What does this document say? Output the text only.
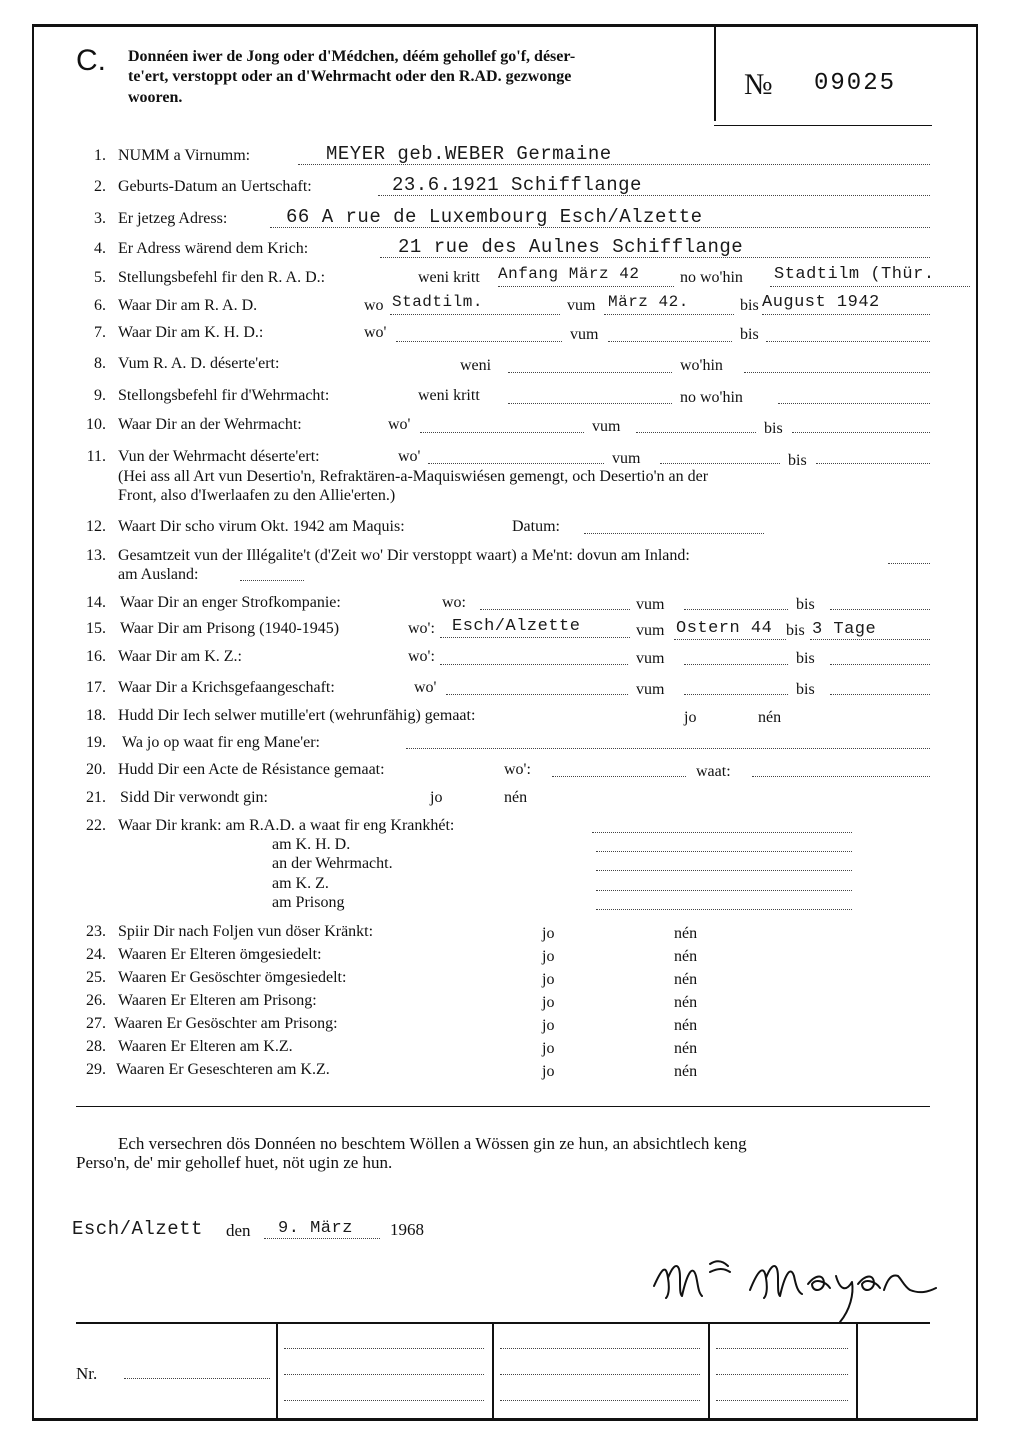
C. Donnéen iwer de Jong oder d'Médchen, déém gehollef go'f, déser-
te'ert, verstoppt oder an d'Wehrmacht oder den R.AD. gezwonge
wooren.	№ 09025
1. NUMM a Virnumm:	MEYER geb.WEBER Germaine
2. Geburts-Datum an Uertschaft:	23.6.1921 Schifflange
3. Er jetzeg Adress:	66 A rue de Luxembourg Esch/Alzette
4. Er Adress wärend dem Krich:	21 rue des Aulnes Schifflange
5. Stellungsbefehl fir den R. A. D.:	weni kritt Anfang März 42	no wo'hin Stadtilm (Thür.
6. Waar Dir am R. A. D.	wo Stadtilm.	vum März 42.	bis August 1942
7. Waar Dir am K. H. D.:	wo'	vum	bis
8. Vum R. A. D. déserte'ert:	weni	wo'hin
9. Stellongsbefehl fir d'Wehrmacht:	weni kritt	no wo'hin
10. Waar Dir an der Wehrmacht:	wo'	vum	bis
11. Vun der Wehrmacht déserte'ert:	wo'	vum	bis
(Hei ass all Art vun Desertio'n, Refraktären-a-Maquiswiésen gemengt, och Desertio'n an der
Front, also d'Iwerlaafen zu den Allie'erten.)
12. Waart Dir scho virum Okt. 1942 am Maquis:	Datum:
13. Gesamtzeit vun der Illégalite't (d'Zeit wo' Dir verstoppt waart) a Me'nt: dovun am Inland:
am Ausland:
14. Waar Dir an enger Strofkompanie:	wo:	vum	bis
15. Waar Dir am Prisong (1940-1945)	wo': Esch/Alzette	vum Ostern 44 bis 3 Tage
16. Waar Dir am K. Z.:	wo':	vum	bis
17. Waar Dir a Krichsgefaangeschaft:	wo'	vum	bis
18. Hudd Dir Iech selwer mutille'ert (wehrunfähig) gemaat:	jo	nén
19. Wa jo op waat fir eng Mane'er:
20. Hudd Dir een Acte de Résistance gemaat:	wo':	waat:
21. Sidd Dir verwondt gin:	jo	nén
22. Waar Dir krank: am R.A.D. a waat fir eng Krankhét:
am K. H. D.
an der Wehrmacht.
am K. Z.
am Prisong
23. Spiir Dir nach Foljen vun döser Kränkt:	jo	nén
24. Waaren Er Elteren ömgesiedelt:	jo	nén
25. Waaren Er Gesöschter ömgesiedelt:	jo	nén
26. Waaren Er Elteren am Prisong:	jo	nén
27. Waaren Er Gesöschter am Prisong:	jo	nén
28. Waaren Er Elteren am K.Z.	jo	nén
29. Waaren Er Geseschteren am K.Z.	jo	nén
Ech versechren dös Donnéen no beschtem Wöllen a Wössen gin ze hun, an absichtlech keng
Perso'n, de' mir gehollef huet, nöt ugin ze hun.
Esch/Alzett den 9. März 1968
Mme Meyer
Nr.
